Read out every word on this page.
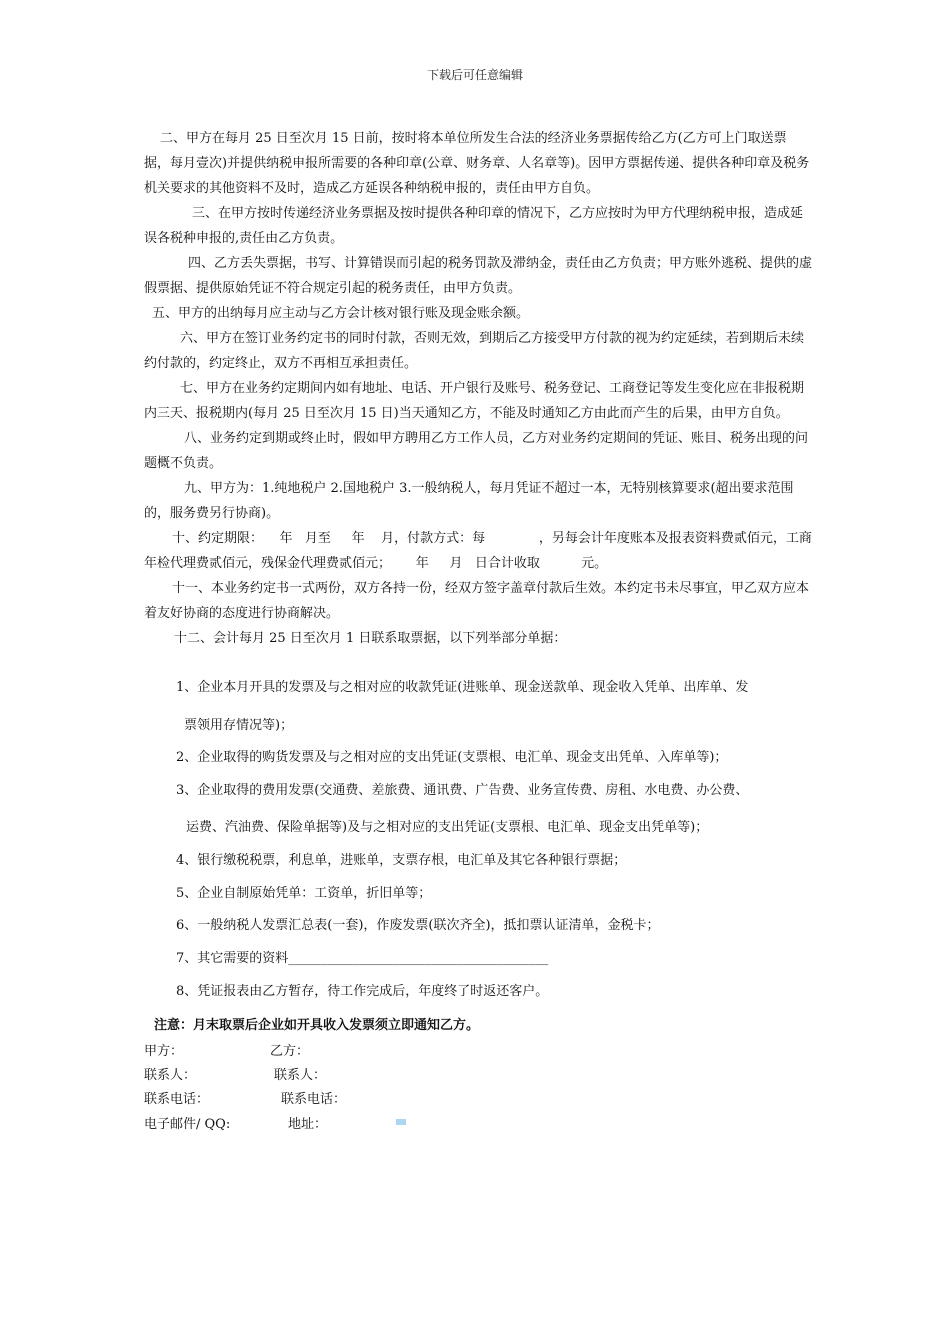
下载后可任意编辑

二、甲方在每月 25 日至次月 15 日前，按时将本单位所发生合法的经济业务票据传给乙方(乙方可上门取送票据，每月壹次)并提供纳税申报所需要的各种印章(公章、财务章、人名章等)。因甲方票据传递、提供各种印章及税务机关要求的其他资料不及时，造成乙方延误各种纳税申报的，责任由甲方自负。

三、在甲方按时传递经济业务票据及按时提供各种印章的情况下，乙方应按时为甲方代理纳税申报，造成延误各税种申报的,责任由乙方负责。

四、乙方丢失票据，书写、计算错误而引起的税务罚款及滞纳金，责任由乙方负责；甲方账外逃税、提供的虚假票据、提供原始凭证不符合规定引起的税务责任，由甲方负责。

五、甲方的出纳每月应主动与乙方会计核对银行账及现金账余额。

六、甲方在签订业务约定书的同时付款，否则无效，到期后乙方接受甲方付款的视为约定延续，若到期后未续约付款的，约定终止，双方不再相互承担责任。

七、甲方在业务约定期间内如有地址、电话、开户银行及账号、税务登记、工商登记等发生变化应在非报税期内三天、报税期内(每月 25 日至次月 15 日)当天通知乙方，不能及时通知乙方由此而产生的后果，由甲方自负。

八、业务约定到期或终止时，假如甲方聘用乙方工作人员，乙方对业务约定期间的凭证、账目、税务出现的问题概不负责。

九、甲方为：1.纯地税户 2.国地税户 3.一般纳税人，每月凭证不超过一本，无特别核算要求(超出要求范围的，服务费另行协商)。

十、约定期限：    年   月至     年    月，付款方式：每             ，另每会计年度账本及报表资料费贰佰元，工商年检代理费贰佰元，残保金代理费贰佰元；      年     月   日合计收取          元。

十一、本业务约定书一式两份，双方各持一份，经双方签字盖章付款后生效。本约定书未尽事宜，甲乙双方应本着友好协商的态度进行协商解决。

十二、会计每月 25 日至次月 1 日联系取票据，以下列举部分单据：

1、企业本月开具的发票及与之相对应的收款凭证(进账单、现金送款单、现金收入凭单、出库单、发
票领用存情况等)；
2、企业取得的购货发票及与之相对应的支出凭证(支票根、电汇单、现金支出凭单、入库单等)；
3、企业取得的费用发票(交通费、差旅费、通讯费、广告费、业务宣传费、房租、水电费、办公费、
运费、汽油费、保险单据等)及与之相对应的支出凭证(支票根、电汇单、现金支出凭单等)；
4、银行缴税税票，利息单，进账单，支票存根，电汇单及其它各种银行票据；
5、企业自制原始凭单：工资单，折旧单等；
6、一般纳税人发票汇总表(一套)，作废发票(联次齐全)，抵扣票认证清单，金税卡；
7、其它需要的资料________________________________________
8、凭证报表由乙方暂存，待工作完成后，年度终了时返还客户。
注意：月末取票后企业如开具收入发票须立即通知乙方。
甲方：	乙方：
联系人：	联系人：
联系电话：	联系电话：
电子邮件/ QQ:	地址：
